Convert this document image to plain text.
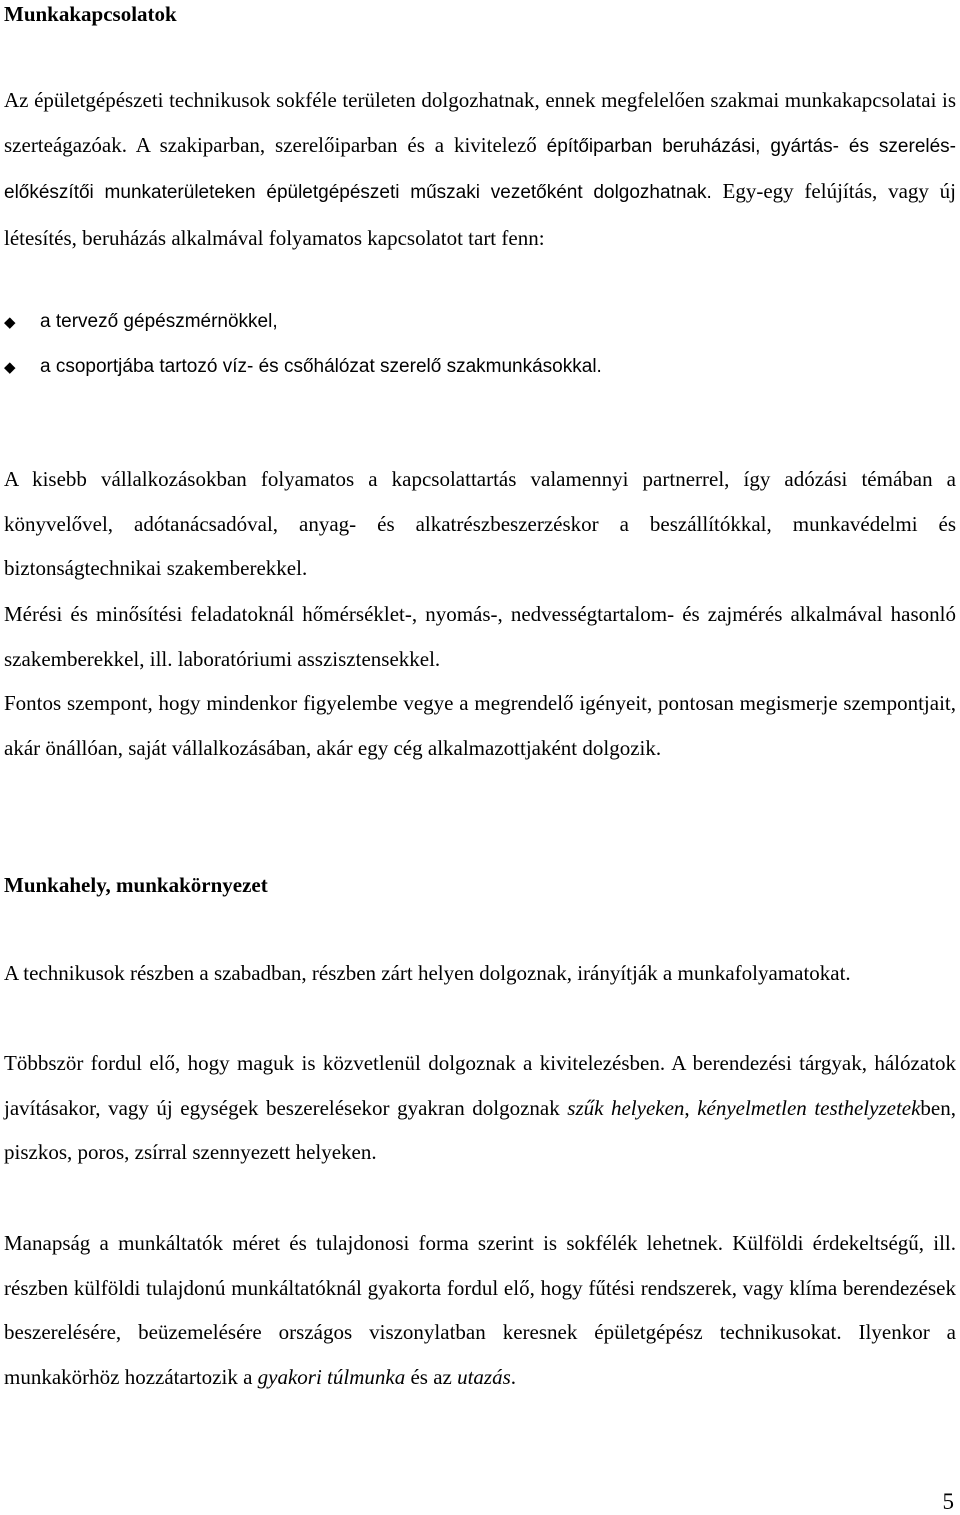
Munkakapcsolatok

Az épületgépészeti technikusok sokféle területen dolgozhatnak, ennek megfelelően szakmai munkakapcsolatai is szerteágazóak. A szakiparban, szerelőiparban és a kivitelező építőiparban beruházási, gyártás- és szerelés-előkészítői munkaterületeken épületgépészeti műszaki vezetőként dolgozhatnak. Egy-egy felújítás, vagy új létesítés, beruházás alkalmával folyamatos kapcsolatot tart fenn:

◆ a tervező gépészmérnökkel,
◆ a csoportjába tartozó víz- és csőhálózat szerelő szakmunkásokkal.

A kisebb vállalkozásokban folyamatos a kapcsolattartás valamennyi partnerrel, így adózási témában a könyvelővel, adótanácsadóval, anyag- és alkatrészbeszerzéskor a beszállítókkal, munkavédelmi és biztonságtechnikai szakemberekkel.

Mérési és minősítési feladatoknál hőmérséklet-, nyomás-, nedvességtartalom- és zajmérés alkalmával hasonló szakemberekkel, ill. laboratóriumi asszisztensekkel.

Fontos szempont, hogy mindenkor figyelembe vegye a megrendelő igényeit, pontosan megismerje szempontjait, akár önállóan, saját vállalkozásában, akár egy cég alkalmazottjaként dolgozik.

Munkahely, munkakörnyezet

A technikusok részben a szabadban, részben zárt helyen dolgoznak, irányítják a munkafolyamatokat.

Többször fordul elő, hogy maguk is közvetlenül dolgoznak a kivitelezésben. A berendezési tárgyak, hálózatok javításakor, vagy új egységek beszerelésekor gyakran dolgoznak szűk helyeken, kényelmetlen testhelyzetekben, piszkos, poros, zsírral szennyezett helyeken.

Manapság a munkáltatók méret és tulajdonosi forma szerint is sokfélék lehetnek. Külföldi érdekeltségű, ill. részben külföldi tulajdonú munkáltatóknál gyakorta fordul elő, hogy fűtési rendszerek, vagy klíma berendezések beszerelésére, beüzemelésére országos viszonylatban keresnek épületgépész technikusokat. Ilyenkor a munkakörhöz hozzátartozik a gyakori túlmunka és az utazás.

5
